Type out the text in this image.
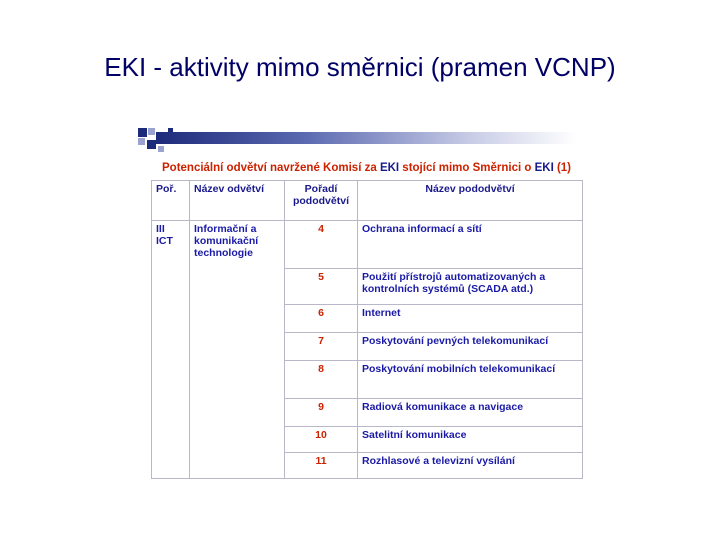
EKI - aktivity mimo směrnici (pramen VCNP)
Potenciální odvětví navržené Komisí za EKI stojící mimo Směrnici o EKI (1)
Poř.	Název odvětví	Pořadí pododvětví	Název pododvětví

III
ICT	Informační a komunikační technologie	4	Ochrana informací a sítí

		5	Použití přístrojů automatizovaných a kontrolních systémů (SCADA atd.)

		6	Internet

		7	Poskytování pevných telekomunikací

		8	Poskytování mobilních telekomunikací

		9	Radiová komunikace a navigace

		10	Satelitní komunikace

		11	Rozhlasové a televizní vysílání
